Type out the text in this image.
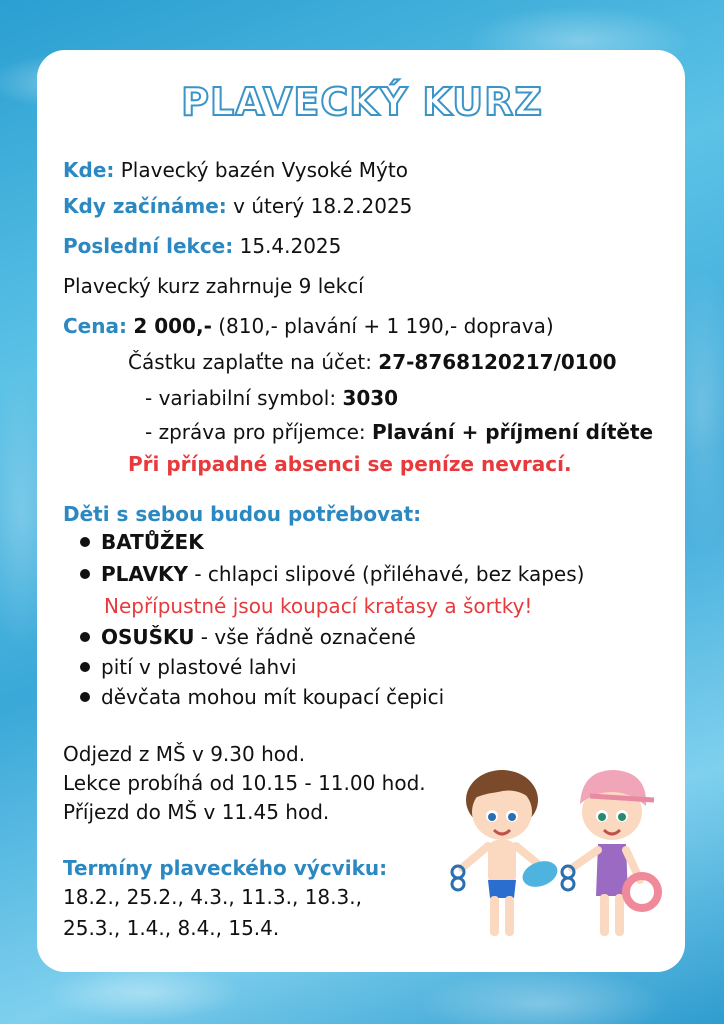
PLAVECKÝ KURZ
Kde: Plavecký bazén Vysoké Mýto
Kdy začínáme: v úterý 18.2.2025
Poslední lekce: 15.4.2025
Plavecký kurz zahrnuje 9 lekcí
Cena: 2 000,- (810,- plavání + 1 190,- doprava)
Částku zaplaťte na účet: 27-8768120217/0100
- variabilní symbol: 3030
- zpráva pro příjemce: Plavání + příjmení dítěte
Při případné absenci se peníze nevrací.
Děti s sebou budou potřebovat:
BATŮŽEK
PLAVKY - chlapci slipové (přiléhavé, bez kapes)
Nepřípustné jsou koupací kraťasy a šortky!
OSUŠKU - vše řádně označené
pití v plastové lahvi
děvčata mohou mít koupací čepici
Odjezd z MŠ v 9.30 hod.
Lekce probíhá od 10.15 - 11.00 hod.
Příjezd do MŠ v 11.45 hod.
Termíny plaveckého výcviku:
18.2., 25.2., 4.3., 11.3., 18.3.,
25.3., 1.4., 8.4., 15.4.
